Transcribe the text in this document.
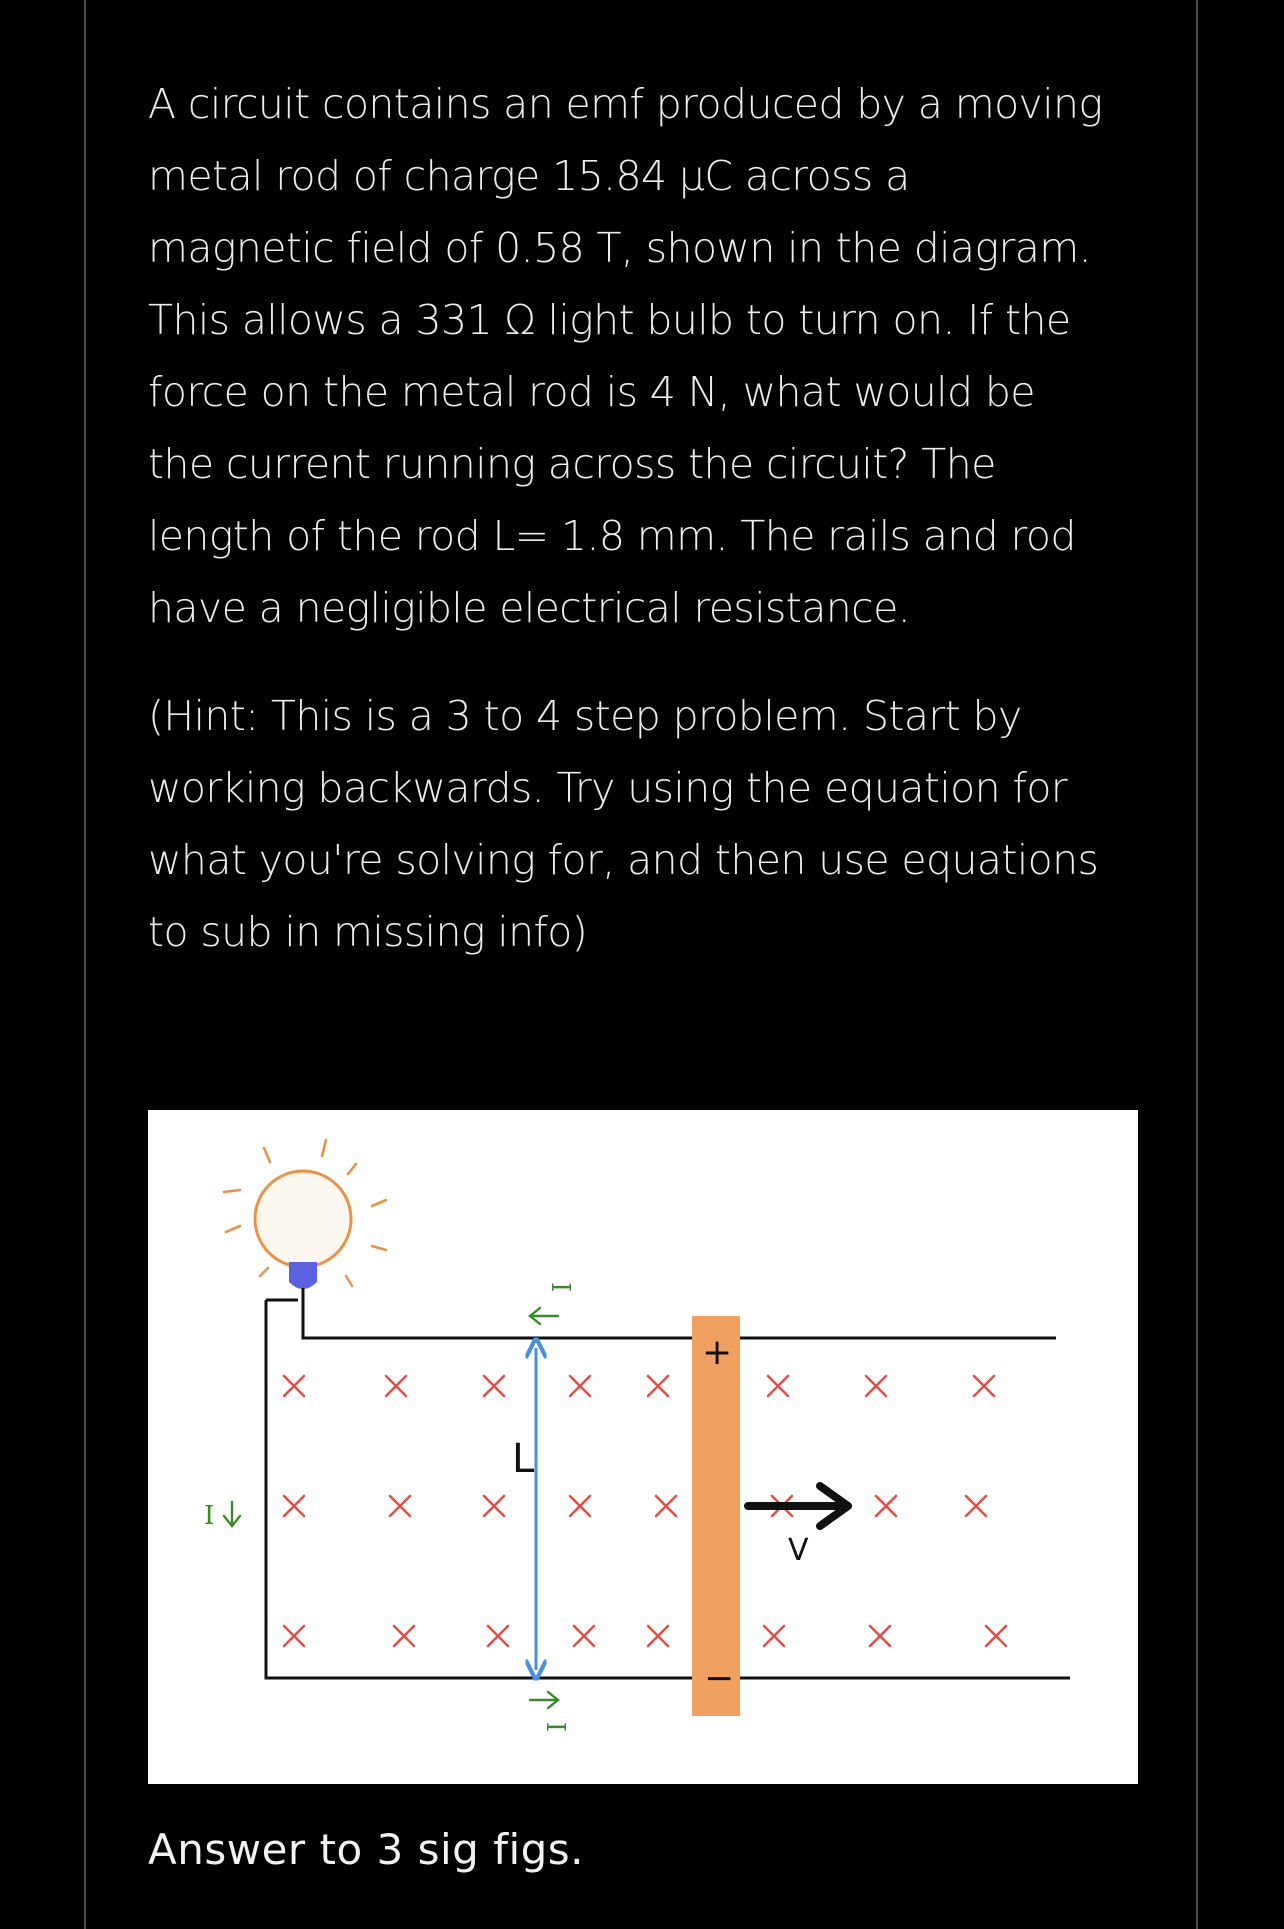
A circuit contains an emf produced by a moving
metal rod of charge 15.84 μC across a
magnetic field of 0.58 T, shown in the diagram.
This allows a 331 Ω light bulb to turn on. If the
force on the metal rod is 4 N, what would be
the current running across the circuit? The
length of the rod L= 1.8 mm. The rails and rod
have a negligible electrical resistance.

(Hint: This is a 3 to 4 step problem. Start by
working backwards. Try using the equation for
what you're solving for, and then use equations
to sub in missing info)

L
+
−
V
I
I
I

Answer to 3 sig figs.
